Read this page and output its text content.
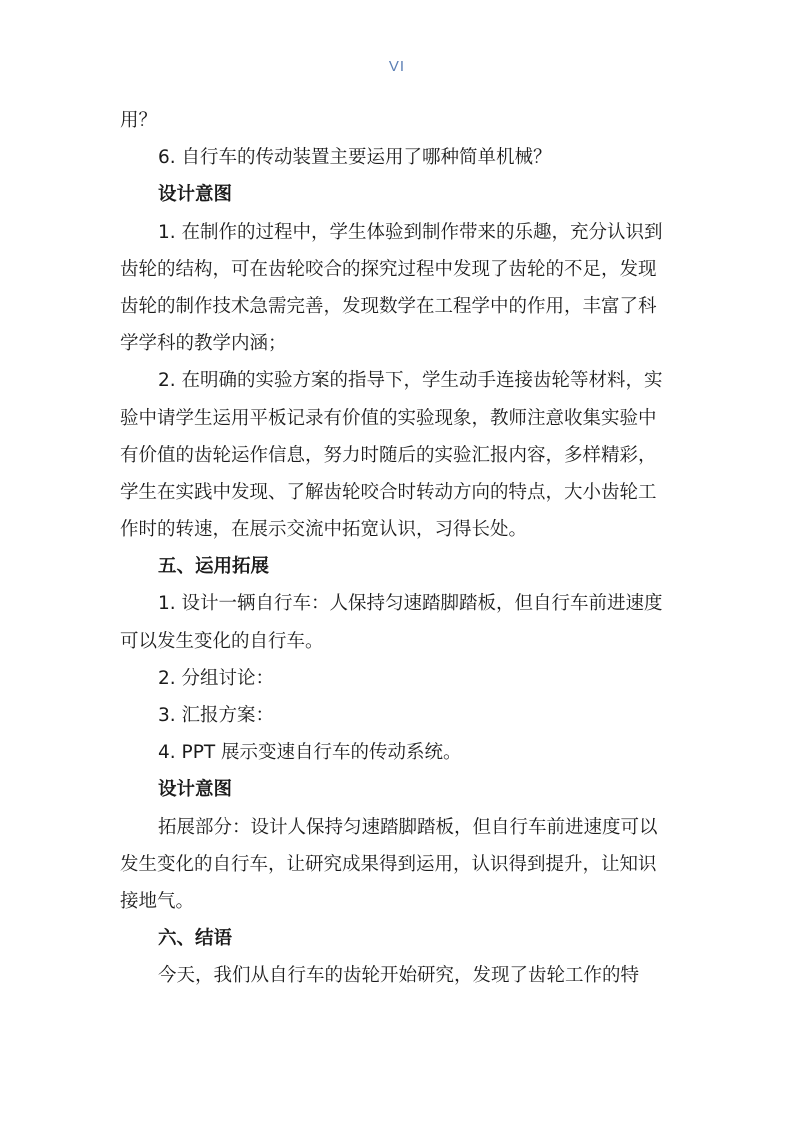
VI
用？
6. 自行车的传动装置主要运用了哪种简单机械？
设计意图
1. 在制作的过程中，学生体验到制作带来的乐趣，充分认识到
齿轮的结构，可在齿轮咬合的探究过程中发现了齿轮的不足，发现
齿轮的制作技术急需完善，发现数学在工程学中的作用，丰富了科
学学科的教学内涵；
2. 在明确的实验方案的指导下，学生动手连接齿轮等材料，实
验中请学生运用平板记录有价值的实验现象，教师注意收集实验中
有价值的齿轮运作信息，努力时随后的实验汇报内容，多样精彩，
学生在实践中发现、了解齿轮咬合时转动方向的特点，大小齿轮工
作时的转速，在展示交流中拓宽认识，习得长处。
五、运用拓展
1. 设计一辆自行车：人保持匀速踏脚踏板，但自行车前进速度
可以发生变化的自行车。
2. 分组讨论：
3. 汇报方案：
4. PPT 展示变速自行车的传动系统。
设计意图
拓展部分：设计人保持匀速踏脚踏板，但自行车前进速度可以
发生变化的自行车，让研究成果得到运用，认识得到提升，让知识
接地气。
六、结语
今天，我们从自行车的齿轮开始研究，发现了齿轮工作的特
